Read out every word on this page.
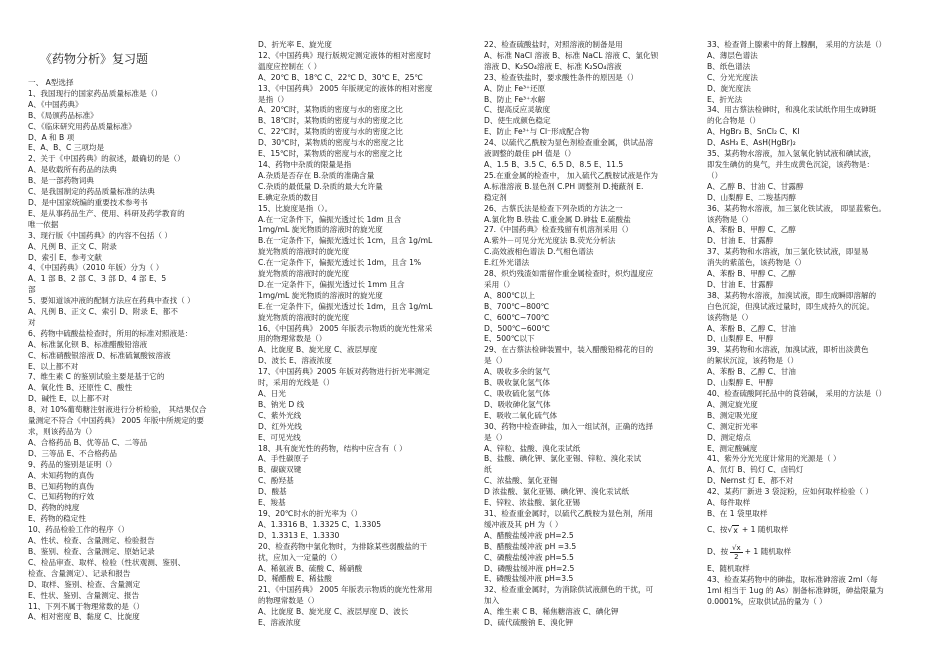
《药物分析》复习题
一、 A型选择
1、我国现行的国家药品质量标准是（）
A、《中国药典》
B、《局颁药品标准》
C、《临床研究用药品质量标准》
D、A 和 B 项
E、A、B、C 三项均是
2、关于《中国药典》的叙述，最确切的是（）
A、是收载所有药品的法典
B、是一部药物词典
C、是我国制定的药品质量标准的法典
D、是中国家统编的重要技术参考书
E、是从事药品生产、使用、科研及药学教育的
唯一依据
3、现行版《中国药典》的内容不包括（ ）
A、凡例 B、正文 C、附录
D、索引 E、参考文献
4、《中国药典》（2010 年版）分为（ ）
A、1 部 B、2 部 C、3 部 D、4 部 E、5
部
5、要知道该冲液的配制方法应在药典中查找（ ）
A、凡例 B、正文 C、索引 D、附录 E、都不
对
6、药物中硫酸盐检查时，所用的标准对照液是：
A、标准氯化钡 B、标准醋酸铅溶液
C、标准硝酸银溶液 D、标准硫氰酸铵溶液
E、以上都不对
7、维生素 C 的鉴别试验主要是基于它的
A、氧化性 B、还原性 C、酸性
D、碱性 E、以上都不对
8、对 10%葡萄糖注射液进行分析检验， 其结果仅合
量测定不符合《中国药典》 2005 年版中所规定的要
求，则该药品为（）
A、合格药品 B、优等品 C、二等品
D、三等品 E、不合格药品
9、药品的鉴别是证明（）
A、未知药物的真伪
B、已知药物的真伪
C、已知药物的疗效
D、药物的纯度
E、药物的稳定性
10、药品检验工作的程序（）
A、性状、检查、含量测定、检验报告
B、鉴别、检查、含量测定、原始记录
C、检品审查、取样、检验（性状观测、鉴别、
检查、含量测定）、记录和报告
D、取样、鉴别、检查、含量测定
E、性状、鉴别、含量测定、报告
11、下列不属于物理常数的是（）
A、相对密度 B、黏度 C、比旋度
D、折光率 E、旋光度
12、《中国药典》现行版规定测定液体的相对密度时
温度应控制在（ ）
A、20℃ B、18℃ C、22℃ D、30℃ E、25℃
13、《中国药典》 2005 年版规定的液体的相对密度
是指（）
A、20℃时，某物质的密度与水的密度之比
B、18℃时，某物质的密度与水的密度之比
C、22℃时，某物质的密度与水的密度之比
D、30℃时，某物质的密度与水的密度之比
E、15℃时，某物质的密度与水的密度之比
14、药物中杂质的限量是指
A.杂质是否存在 B.杂质的准确含量
C.杂质的最低量 D.杂质的最大允许量
E.碘定杂质的数目
15、比旋度是指（）。
A.在一定条件下，偏振光透过长 1dm 且含
1mg/mL 旋光物质的溶液时的旋光度
B.在一定条件下，偏振光透过长 1cm，且含 1g/mL
旋光物质的溶液时的旋光度
C.在一定条件下，偏振光透过长 1dm，且含 1%
旋光物质的溶液时的旋光度
D.在一定条件下，偏振光透过长 1mm 且含
1mg/mL 旋光物质的溶液时的旋光度
E.在一定条件下，偏振光透过长 1dm，且含 1g/mL
旋光物质的溶液时的旋光度
16、《中国药典》 2005 年版表示物质的旋光性常采
用的物理常数是（）
A、比旋度 B、旋光度 C、液层厚度
D、波长 E、溶液浓度
17、《中国药典》2005 年版对药物进行折光率测定
时，采用的光线是（）
A、日光
B、钠光 D 线
C、紫外光线
D、红外光线
E、可见光线
18、具有旋光性的药物，结构中应含有（ ）
A、手性碳原子
B、碳碳双键
C、酚羟基
D、酸基
E、羧基
19、20℃时水的折光率为（）
A、1.3316 B、1.3325 C、1.3305
D、1.3313 E、1.3330
20、检查药物中氯化物时，为排除某些弱酸盐的干
扰，应加入一定量的（）
A、稀氨液 B、硫酸 C、稀硝酸
D、稀醋酸 E、稀盐酸
21、《中国药典》 2005 年版表示物质的旋光性常用
的物理常数是（）
A、比旋度 B、旋光度 C、液层厚度 D、波长
E、溶液浓度
22、检查硫酸盐时，对照溶液的制备是用
A、标准 NaCl 溶液 B、标准 NaCL 溶液 C、氯化钡
溶液 D、K₂SO₄溶液 E、标准 K₂SO₄溶液
23、检查铁盐时，要求酸性条件的原因是（）
A、防止 Fe³⁺还原
B、防止 Fe³⁺水解
C、提高反应灵敏度
D、使生成颜色稳定
E、防止 Fe³⁺与 Cl⁻形成配合物
24、以硫代乙酰胺为显色剂检查重金属，供试品溶
液调整的最佳 pH 值是（）
A、1.5 B、3.5 C、6.5 D、8.5 E、11.5
25.在重金属的检查中， 加入硫代乙酰胺试液是作为
A.标准溶液 B.显色剂 C.PH 调整剂 D.掩蔽剂 E.
稳定剂
26、古蔡氏法是检查下列杂质的方法之一
A.氯化物 B.铁盐 C.重金属 D.砷盐 E.硫酸盐
27.《中国药典》检查残留有机溶剂采用（）
A.紫外－可见分光光度法 B.荧光分析法
C.高效液相色谱法 D.气相色谱法
E.红外光谱法
28、炽灼残渣如需留作重金属检查时，炽灼温度应
采用（）
A、800℃以上
B、700℃~800℃
C、600℃~700℃
D、500℃~600℃
E、500℃以下
29、在古蔡法检砷装置中，装入醋酸铅棉花的目的
是（）
A、吸收多余的氢气
B、吸收氯化氢气体
C、吸收硫化氢气体
D、吸收砷化氢气体
E、吸收二氧化硫气体
30、药物中检查砷盐，加入一组试剂，正确的选择
是（）
A、锌粒、盐酸、溴化汞试纸
B、盐酸、碘化钾、氯化亚锡、锌粒、溴化汞试
纸
C、浓盐酸、氯化亚锡
D 浓盐酸、氯化亚锡、碘化钾、溴化汞试纸
E、锌粒、浓盐酸、氯化亚锡
31、检查重金属时，以硫代乙酰胺为显色剂，所用
缓冲液及其 pH 为（ ）
A、醋酸盐缓冲液 pH=2.5
B、醋酸盐缓冲液 pH =3.5
C、磷酸盐缓冲液 pH=5.5
D、磷酸盐缓冲液 pH=2.5
E、磷酸盐缓冲液 pH=3.5
32、检查重金属时，为消除供试液颜色的干扰，可
加入
A、维生素 C B、稀焦糖溶液 C、碘化钾
D、硫代硫酸钠 E、溴化钾
33、检查肾上腺素中的肾上腺酮， 采用的方法是（）
A、薄层色谱法
B、纸色谱法
C、分光光度法
D、旋光度法
E、折光法
34、用古蔡法检砷时，和溴化汞试纸作用生成砷斑
的化合物是（）
A、HgBr₂ B、SnCl₂ C、KI
D、AsH₃ E、AsH(HgBr)₂
35、某药物水溶液，加入氢氧化钠试液和碘试液，
即发生碘仿的臭气，并生成黄色沉淀，该药物是：
（）
A、乙醇 B、甘油 C、甘露醇
D、山梨醇 E、二羧基丙醇
36、某药物水溶液，加三氯化铁试液， 即显蓝紫色。
该药物是（）
A、苯酚 B、甲醇 C、乙醇
D、甘油 E、甘露醇
37、某药物和水溶液，加三氯化铁试液，即显易
消失的紫蓝色，该药物是（）
A、苯酚 B、甲醇 C、乙醇
D、甘油 E、甘露醇
38、某药物水溶液，加溴试液，即生成瞬即溶解的
白色沉淀，但溴试液过量时，即生成持久的沉淀。
该药物是（）
A、苯酚 B、乙醇 C、甘油
D、山梨醇 E、甲醇
39、某药物和水溶液，加溴试液，即析出淡黄色
的絮状沉淀，该药物是（）
A、苯酚 B、乙醇 C、甘油
D、山梨醇 E、甲醇
40、检查硫酸阿托品中的莨菪碱， 采用的方法是（）
A、测定旋光度
B、测定吸光度
C、测定折光率
D、测定熔点
E、测定酸碱度
41、紫外分光光度计常用的光源是（ ）
A、氘灯 B、钨灯 C、卤钨灯
D、Nernst 灯 E、都不对
42、某药厂新进 3 袋淀粉，应如何取样检验（ ）
A、每件取样
B、在 1 袋里取样
C、按 √ x + 1 随机取样
D、按 $\frac{√x}{2} + 1$ 随机取样
E、随机取样
43、检查某药物中的砷盐，取标准砷溶液 2ml（每
1ml 相当于 1ug 的 As）制备标准砷斑，砷盐限量为
0.0001%，应取供试品的量为（ ）
